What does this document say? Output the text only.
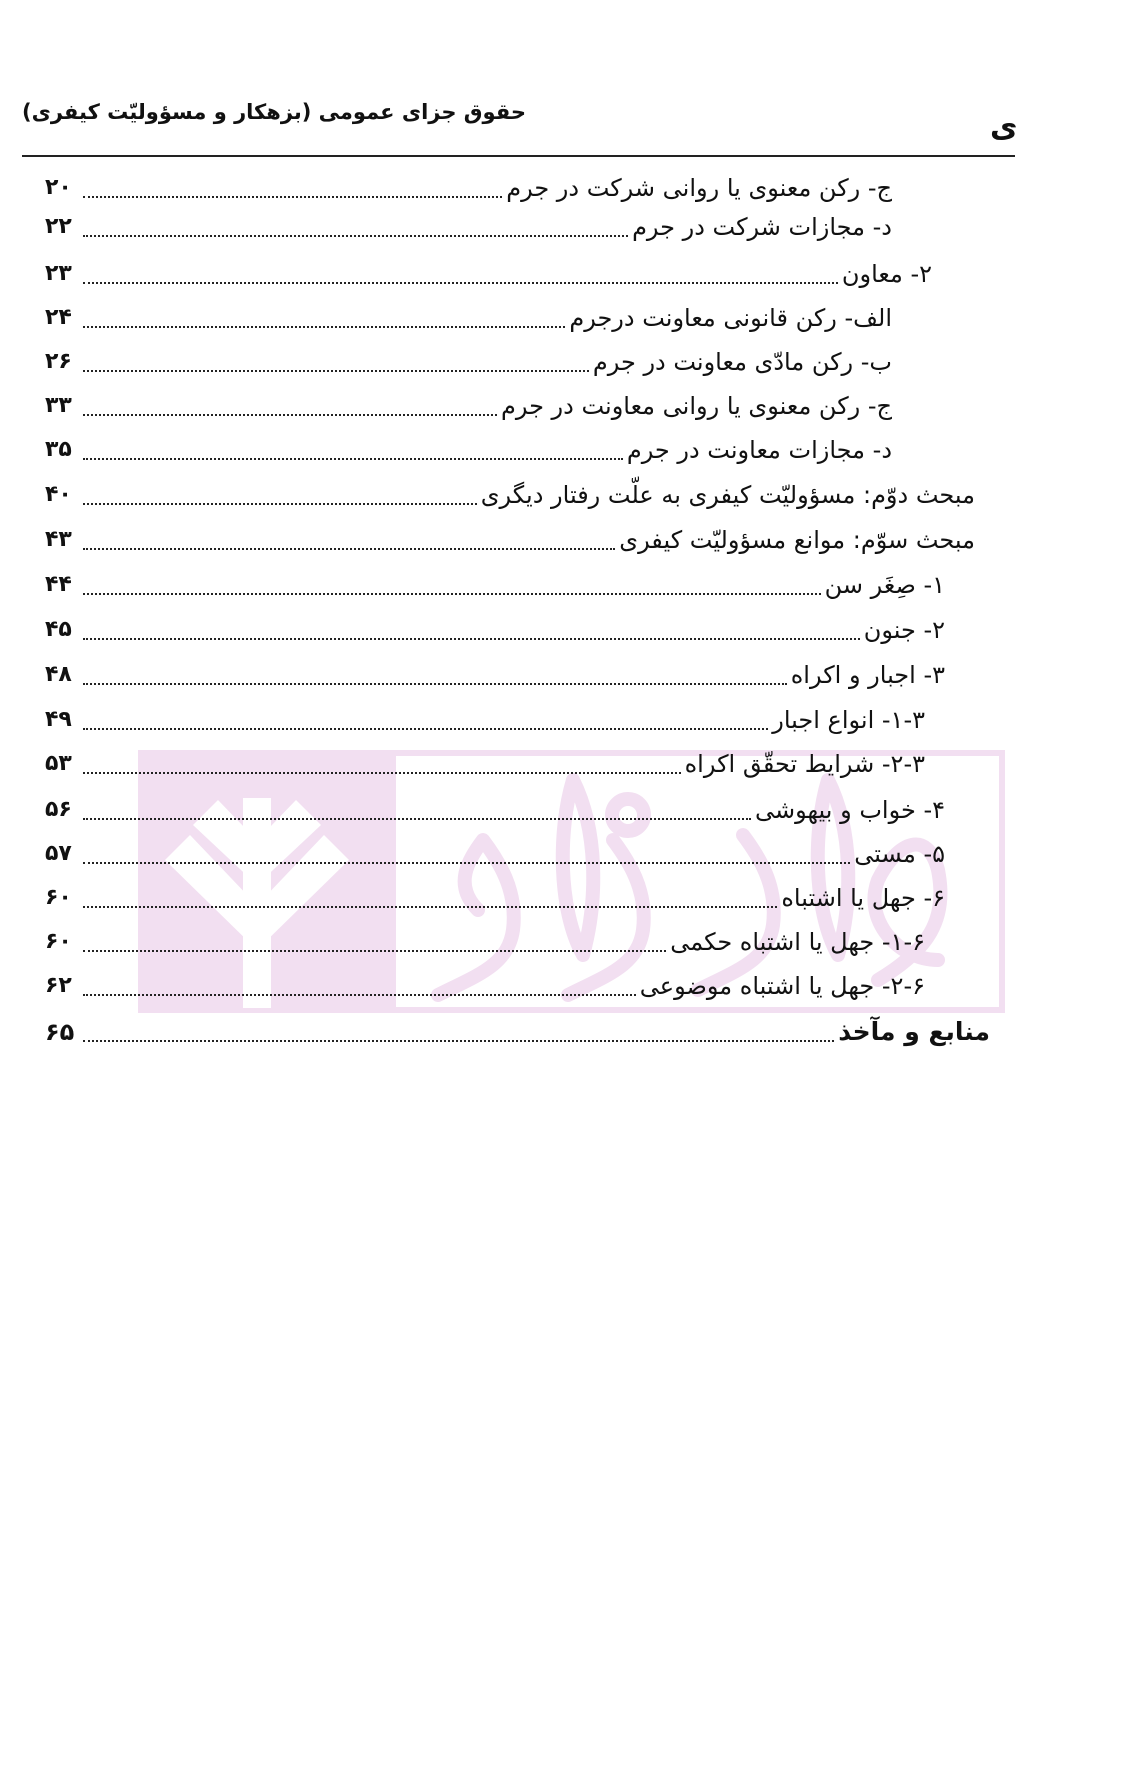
حقوق جزای عمومی (بزهکار و مسؤولیّت کیفری)	ی
ج- رکن معنوی یا روانی شرکت در جرم
۲۰
د- مجازات شرکت در جرم
۲۲
۲- معاون
۲۳
الف- رکن قانونی معاونت درجرم
۲۴
ب- رکن مادّی معاونت در جرم
۲۶
ج- رکن معنوی یا روانی معاونت در جرم
۳۳
د- مجازات معاونت در جرم
۳۵
مبحث دوّم: مسؤولیّت کیفری به علّت رفتار دیگری
۴۰
مبحث سوّم: موانع مسؤولیّت کیفری
۴۳
۱- صِغَر سن
۴۴
۲- جنون
۴۵
۳- اجبار و اکراه
۴۸
۱-۳- انواع اجبار
۴۹
۲-۳- شرایط تحقّق اکراه
۵۳
۴- خواب و بیهوشی
۵۶
۵- مستی
۵۷
۶- جهل یا اشتباه
۶۰
۱-۶- جهل یا اشتباه حکمی
۶۰
۲-۶- جهل یا اشتباه موضوعی
۶۲
منابع و مآخذ
۶۵
